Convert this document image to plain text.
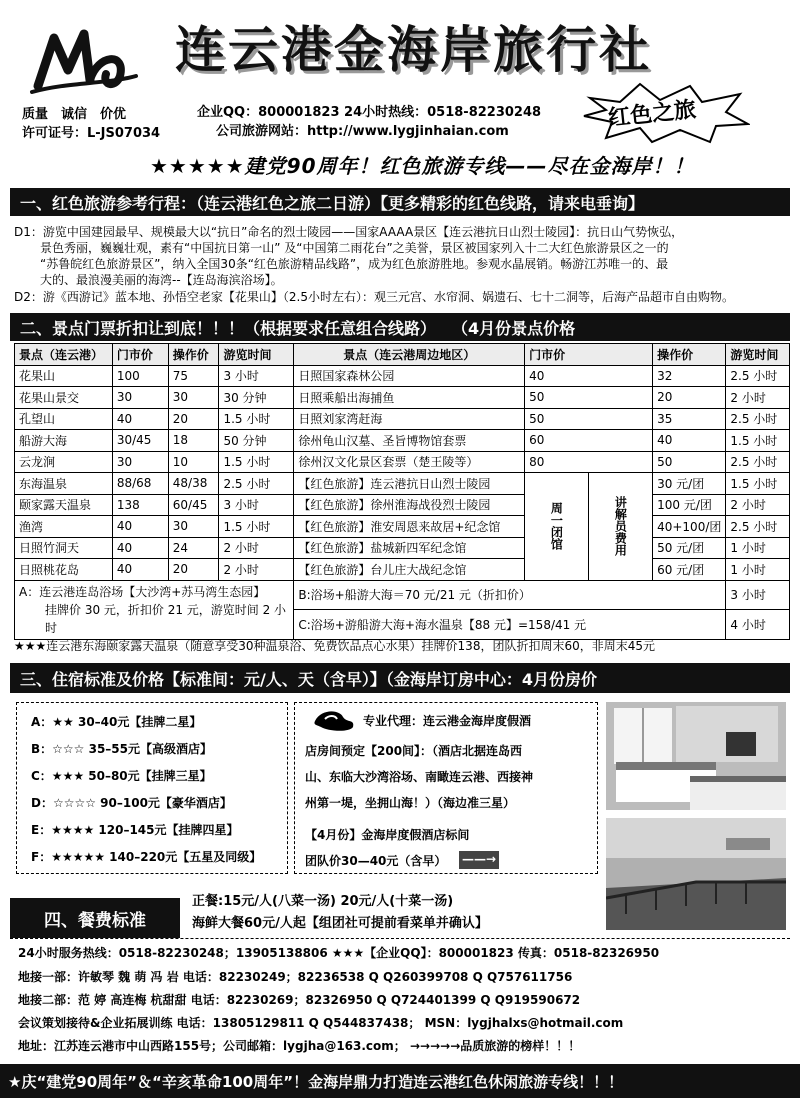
连云港金海岸旅行社
质量　诚信　价优
许可证号：L-JS07034
企业QQ：800001823 24小时热线：0518-82230248
公司旅游网站：http://www.lygjinhaian.com	红色之旅
★★★★★建党90周年！红色旅游专线——尽在金海岸！！
一、红色旅游参考行程：（连云港红色之旅二日游）【更多精彩的红色线路，请来电垂询】
D1：游览中国建园最早、规模最大以“抗日”命名的烈士陵园——国家AAAA景区【连云港抗日山烈士陵园】：抗日山气势恢弘，
景色秀丽，巍巍壮观，素有“中国抗日第一山” 及“中国第二雨花台”之美誉，景区被国家列入十二大红色旅游景区之一的
“苏鲁皖红色旅游景区”，纳入全国30条“红色旅游精品线路”，成为红色旅游胜地。参观水晶展销。畅游江苏唯一的、最
大的、最浪漫美丽的海湾--【连岛海滨浴场】。
D2：游《西游记》蓝本地、孙悟空老家【花果山】（2.5小时左右）：观三元宫、水帘洞、娲遗石、七十二洞等，后海产品超市自由购物。
二、景点门票折扣让到底！！！（根据要求任意组合线路）　　（4月份景点价格
景点（连云港）	门市价	操作价	游览时间	景点（连云港周边地区）	门市价	操作价	游览时间
花果山	100	75	3 小时	日照国家森林公园	40	32	2.5 小时
花果山景交	30	30	30 分钟	日照乘船出海捕鱼	50	20	2 小时
孔望山	40	20	1.5 小时	日照刘家湾赶海	50	35	2.5 小时
船游大海	30/45	18	50 分钟	徐州龟山汉墓、圣旨博物馆套票	60	40	1.5 小时
云龙涧	30	10	1.5 小时	徐州汉文化景区套票（楚王陵等）	80	50	2.5 小时
东海温泉	88/68	48/38	2.5 小时	【红色旅游】连云港抗日山烈士陵园	周一闭馆 讲解员费用	30 元/团	1.5 小时
颐家露天温泉	138	60/45	3 小时	【红色旅游】徐州淮海战役烈士陵园		100 元/团	2 小时
渔湾	40	30	1.5 小时	【红色旅游】淮安周恩来故居+纪念馆		40+100/团	2.5 小时
日照竹洞天	40	24	2 小时	【红色旅游】盐城新四军纪念馆		50 元/团	1 小时
日照桃花岛	40	20	2 小时	【红色旅游】台儿庄大战纪念馆		60 元/团	1 小时

A：连云港连岛浴场【大沙湾+苏马湾生态园】
挂牌价 30 元，折扣价 21 元，游览时间 2 小时				B:浴场+船游大海＝70 元/21 元（折扣价）			3 小时
				C:浴场+游船游大海+海水温泉【88 元】=158/41 元			4 小时
★★★连云港东海颐家露天温泉（随意享受30种温泉浴、免费饮品点心水果）挂牌价138，团队折扣周末60，非周末45元
三、住宿标准及价格【标准间：元/人、天（含早）】（金海岸订房中心：4月份房价
A：★★ 30–40元【挂牌二星】
B：☆☆☆ 35–55元【高级酒店】
C：★★★ 50–80元【挂牌三星】
D：☆☆☆☆ 90–100元【豪华酒店】
E：★★★★ 120–145元【挂牌四星】
F：★★★★★ 140–220元【五星及同级】
专业代理：连云港金海岸度假酒
店房间预定【200间】：（酒店北据连岛西
山、东临大沙湾浴场、南瞰连云港、西接神
州第一堤，坐拥山海！）（海边准三星）
【4月份】金海岸度假酒店标间
团队价30—40元（含早） ——→
四、餐费标准
正餐:15元/人(八菜一汤) 20元/人(十菜一汤)
海鲜大餐60元/人起【组团社可提前看菜单并确认】
24小时服务热线：0518-82230248；13905138806 ★★★【企业QQ】：800001823 传真：0518-82326950
地接一部：许敏琴 魏 萌 冯 岩 电话：82230249；82236538 Q Q260399708 Q Q757611756
地接二部：范 婷 高连梅 杭甜甜 电话：82230269；82326950 Q Q724401399 Q Q919590672
会议策划接待&企业拓展训练 电话：13805129811 Q Q544837438； MSN：lygjhalxs@hotmail.com
地址：江苏连云港市中山西路155号；公司邮箱：lygjha@163.com； →→→→→品质旅游的榜样！！！
★庆“建党90周年”＆“辛亥革命100周年”！金海岸鼎力打造连云港红色休闲旅游专线！！！
